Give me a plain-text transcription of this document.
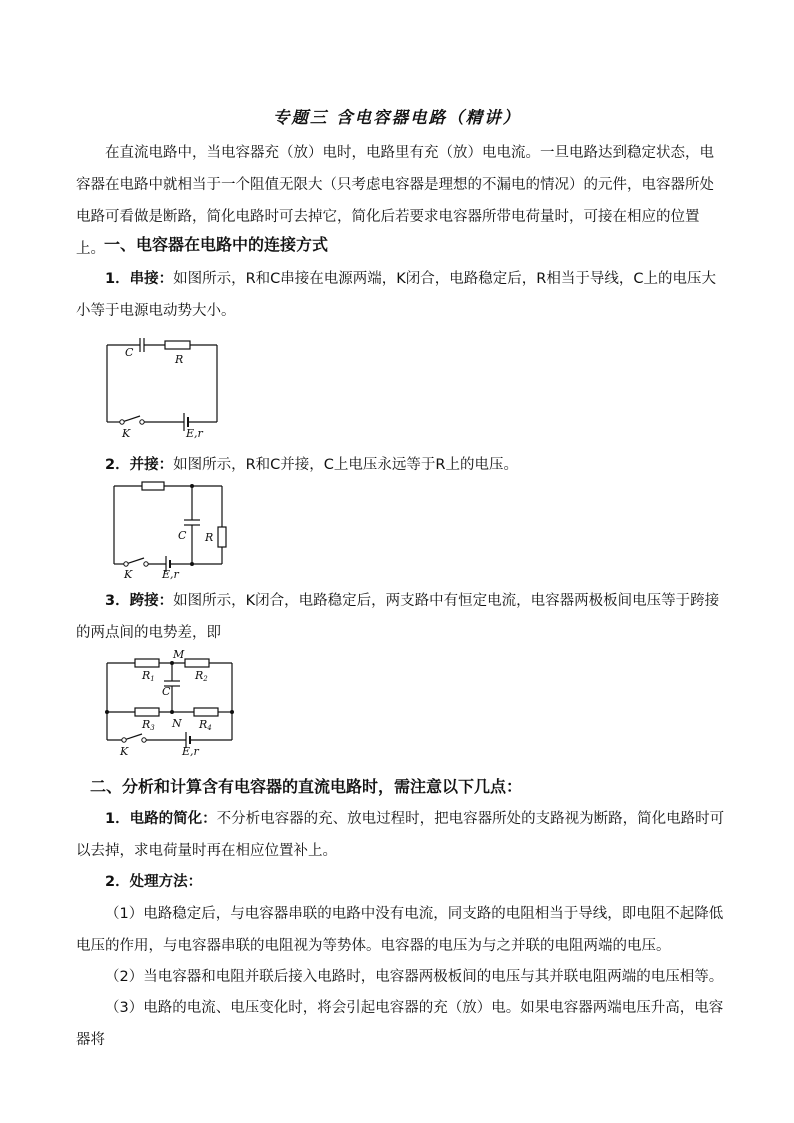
专题三 含电容器电路（精讲）

在直流电路中，当电容器充（放）电时，电路里有充（放）电电流。一旦电路达到稳定状态，电容器在电路中就相当于一个阻值无限大（只考虑电容器是理想的不漏电的情况）的元件，电容器所处电路可看做是断路，简化电路时可去掉它，简化后若要求电容器所带电荷量时，可接在相应的位置上。 一、电容器在电路中的连接方式

1．串接：如图所示，R和C串接在电源两端，K闭合，电路稳定后，R相当于导线，C上的电压大小等于电源电动势大小。

C
R
K	E,r

2．并接：如图所示，R和C并接，C上电压永远等于R上的电压。

C R
K	E,r

3．跨接：如图所示，K闭合，电路稳定后，两支路中有恒定电流，电容器两极板间电压等于跨接的两点间的电势差，即

M
C
N
R1	R2
R3	R4
K	E,r

二、分析和计算含有电容器的直流电路时，需注意以下几点：

1．电路的简化：不分析电容器的充、放电过程时，把电容器所处的支路视为断路，简化电路时可以去掉，求电荷量时再在相应位置补上。

2．处理方法：

（1）电路稳定后，与电容器串联的电路中没有电流，同支路的电阻相当于导线，即电阻不起降低电压的作用，与电容器串联的电阻视为等势体。电容器的电压为与之并联的电阻两端的电压。

（2）当电容器和电阻并联后接入电路时，电容器两极板间的电压与其并联电阻两端的电压相等。

（3）电路的电流、电压变化时，将会引起电容器的充（放）电。如果电容器两端电压升高，电容器将
